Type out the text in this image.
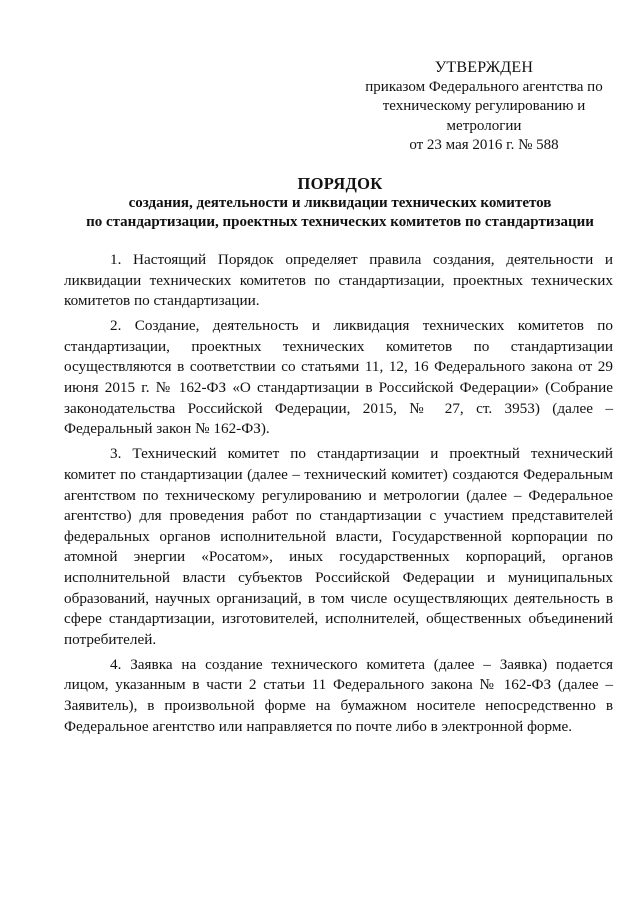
УТВЕРЖДЕН
приказом Федерального агентства по
техническому регулированию и
метрологии
от 23 мая 2016 г. № 588
ПОРЯДОК
создания, деятельности и ликвидации технических комитетов
по стандартизации, проектных технических комитетов по стандартизации

1. Настоящий Порядок определяет правила создания, деятельности и ликвидации технических комитетов по стандартизации, проектных технических комитетов по стандартизации.

2. Создание, деятельность и ликвидация технических комитетов по стандартизации, проектных технических комитетов по стандартизации осуществляются в соответствии со статьями 11, 12, 16 Федерального закона от 29 июня 2015 г. № 162-ФЗ «О стандартизации в Российской Федерации» (Собрание законодательства Российской Федерации, 2015, № 27, ст. 3953) (далее – Федеральный закон № 162-ФЗ).

3. Технический комитет по стандартизации и проектный технический комитет по стандартизации (далее – технический комитет) создаются Федеральным агентством по техническому регулированию и метрологии (далее – Федеральное агентство) для проведения работ по стандартизации с участием представителей федеральных органов исполнительной власти, Государственной корпорации по атомной энергии «Росатом», иных государственных корпораций, органов исполнительной власти субъектов Российской Федерации и муниципальных образований, научных организаций, в том числе осуществляющих деятельность в сфере стандартизации, изготовителей, исполнителей, общественных объединений потребителей.

4. Заявка на создание технического комитета (далее – Заявка) подается лицом, указанным в части 2 статьи 11 Федерального закона № 162-ФЗ (далее – Заявитель), в произвольной форме на бумажном носителе непосредственно в Федеральное агентство или направляется по почте либо в электронной форме.
